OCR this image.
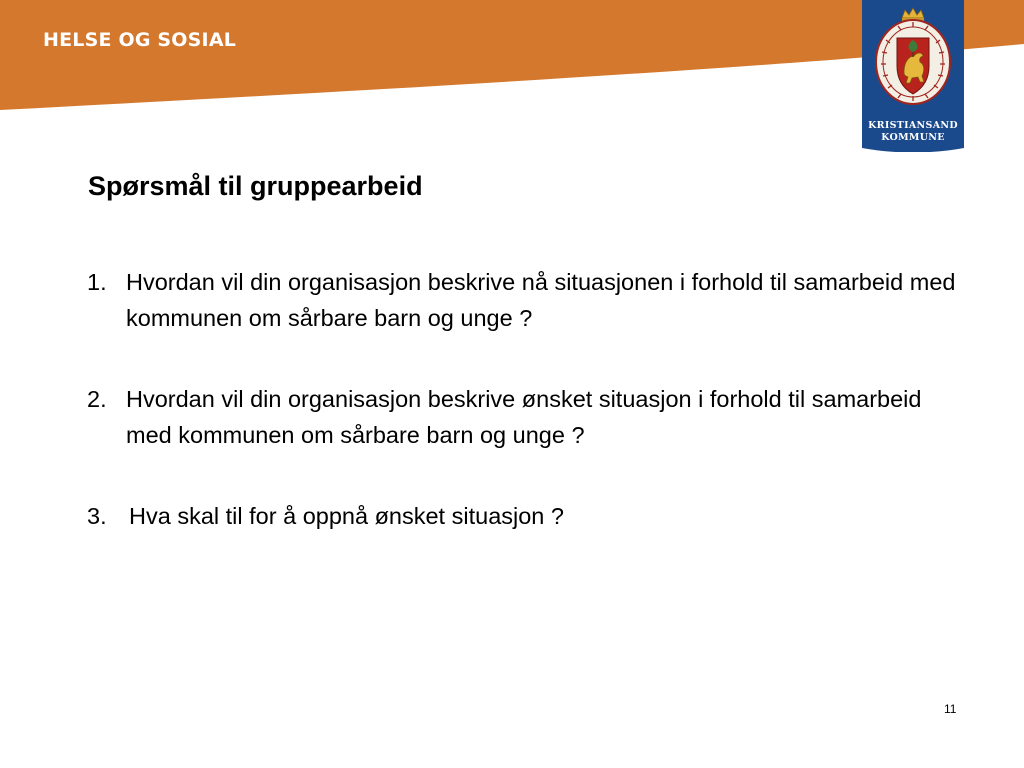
HELSE OG SOSIAL
KRISTIANSAND
KOMMUNE
Spørsmål til gruppearbeid
1. Hvordan vil din organisasjon beskrive nå situasjonen i forhold til samarbeid med kommunen om sårbare barn og unge ?
2. Hvordan vil din organisasjon beskrive ønsket situasjon i forhold til samarbeid med kommunen om sårbare barn og unge ?
3. Hva skal til for å oppnå ønsket situasjon ?
11
